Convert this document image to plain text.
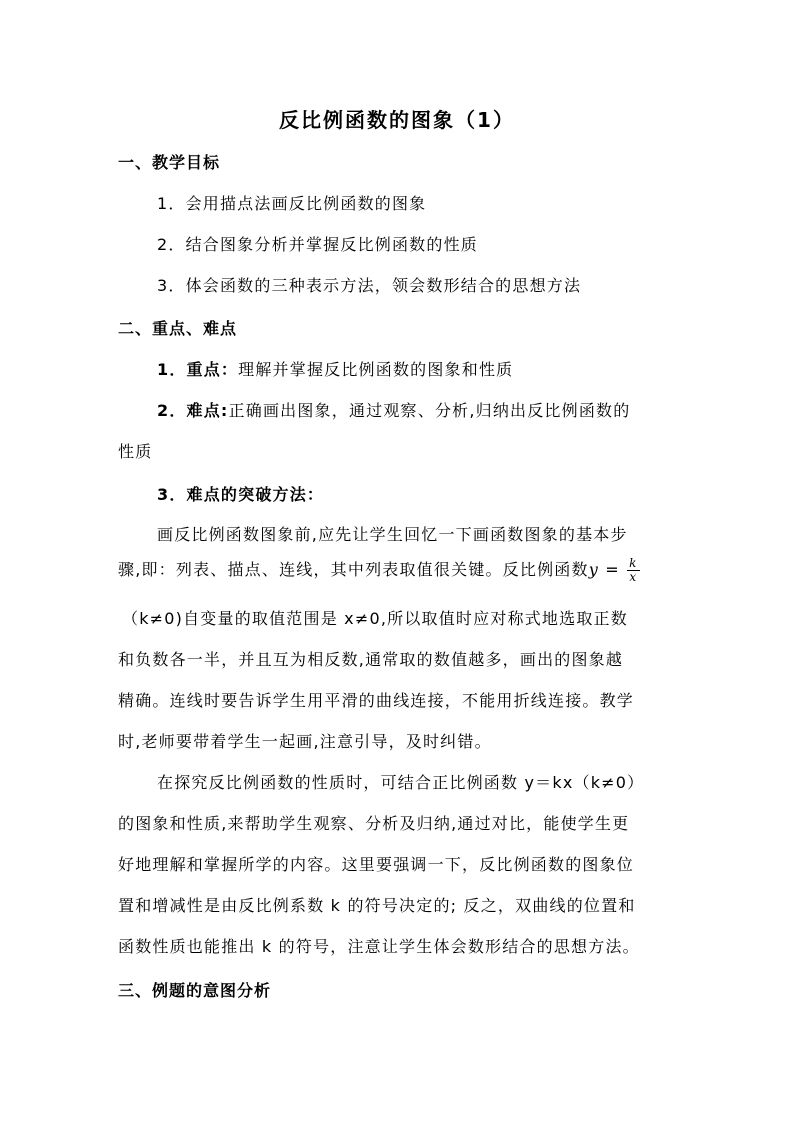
反比例函数的图象（1）
一、教学目标
1．会用描点法画反比例函数的图象
2．结合图象分析并掌握反比例函数的性质
3．体会函数的三种表示方法，领会数形结合的思想方法
二、重点、难点
1．重点：理解并掌握反比例函数的图象和性质
2．难点:正确画出图象，通过观察、分析,归纳出反比例函数的
性质
3．难点的突破方法：
画反比例函数图象前,应先让学生回忆一下画函数图象的基本步
骤,即：列表、描点、连线，其中列表取值很关键。反比例函数$y = \frac{k}{x}$
（k≠0)自变量的取值范围是 x≠0,所以取值时应对称式地选取正数
和负数各一半，并且互为相反数,通常取的数值越多，画出的图象越
精确。连线时要告诉学生用平滑的曲线连接，不能用折线连接。教学
时,老师要带着学生一起画,注意引导，及时纠错。
在探究反比例函数的性质时，可结合正比例函数 y＝kx（k≠0）
的图象和性质,来帮助学生观察、分析及归纳,通过对比，能使学生更
好地理解和掌握所学的内容。这里要强调一下，反比例函数的图象位
置和增减性是由反比例系数 k 的符号决定的; 反之，双曲线的位置和
函数性质也能推出 k 的符号，注意让学生体会数形结合的思想方法。
三、例题的意图分析
